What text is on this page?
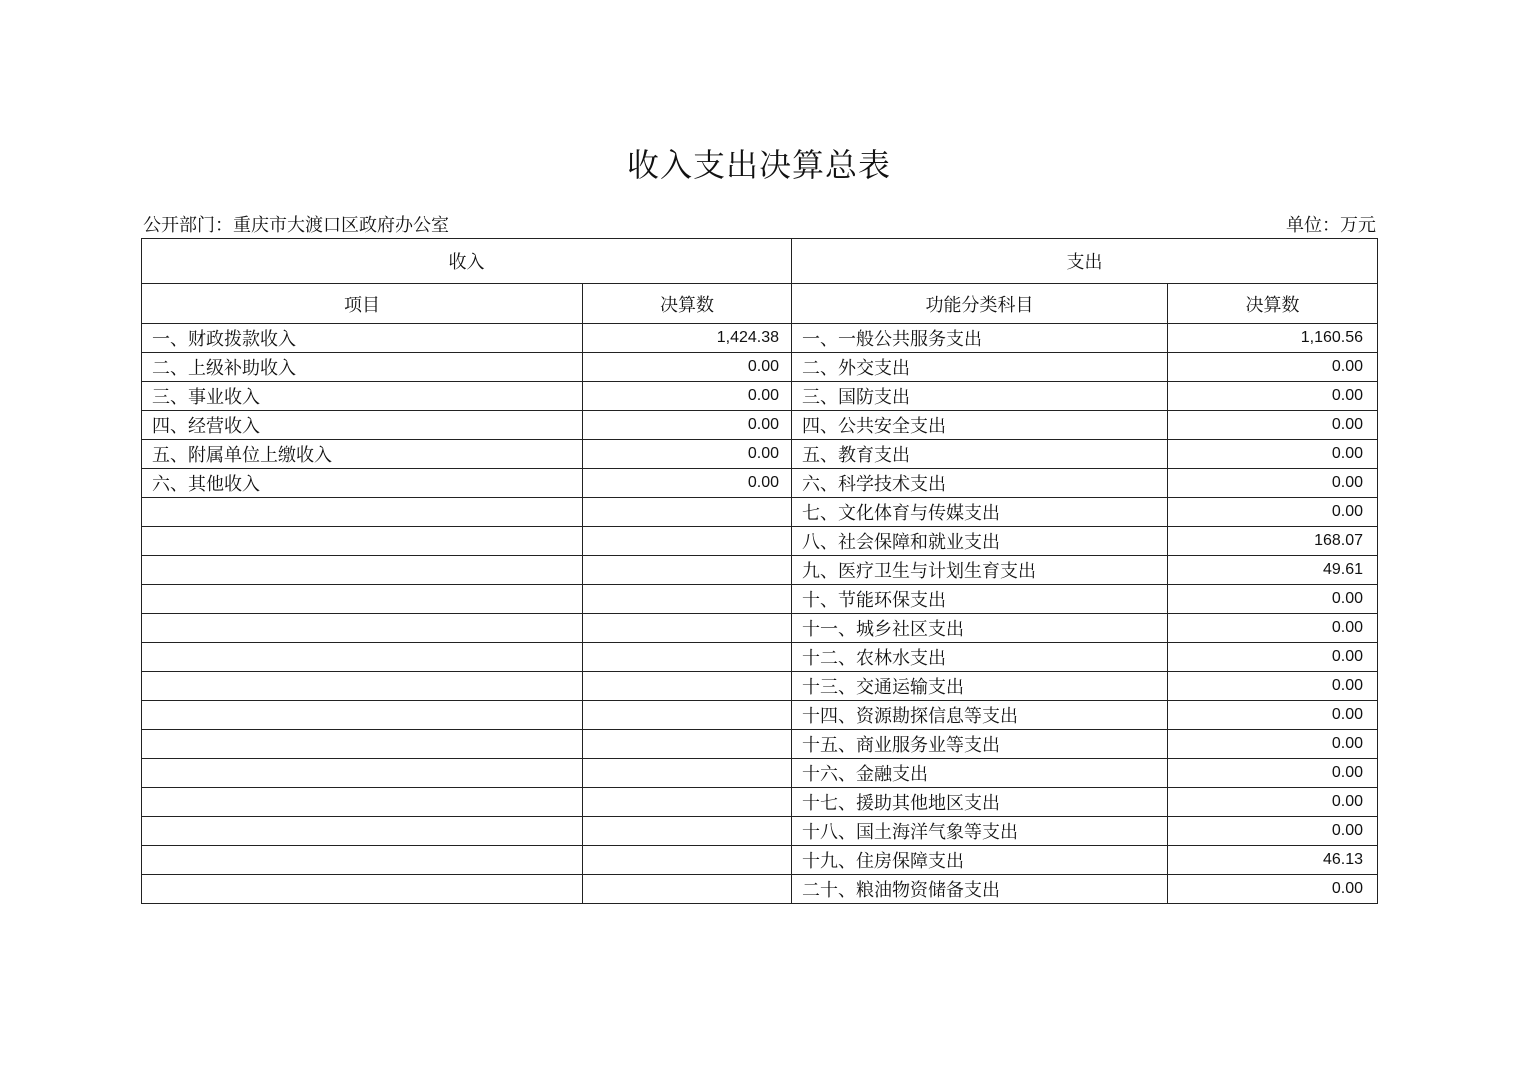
收入支出决算总表
公开部门：重庆市大渡口区政府办公室	单位：万元
收入		支出	
项目	决算数	功能分类科目	决算数
一、财政拨款收入	1,424.38	一、一般公共服务支出	1,160.56
二、上级补助收入	0.00	二、外交支出	0.00
三、事业收入	0.00	三、国防支出	0.00
四、经营收入	0.00	四、公共安全支出	0.00
五、附属单位上缴收入	0.00	五、教育支出	0.00
六、其他收入	0.00	六、科学技术支出	0.00
		七、文化体育与传媒支出	0.00
		八、社会保障和就业支出	168.07
		九、医疗卫生与计划生育支出	49.61
		十、节能环保支出	0.00
		十一、城乡社区支出	0.00
		十二、农林水支出	0.00
		十三、交通运输支出	0.00
		十四、资源勘探信息等支出	0.00
		十五、商业服务业等支出	0.00
		十六、金融支出	0.00
		十七、援助其他地区支出	0.00
		十八、国土海洋气象等支出	0.00
		十九、住房保障支出	46.13
		二十、粮油物资储备支出	0.00
